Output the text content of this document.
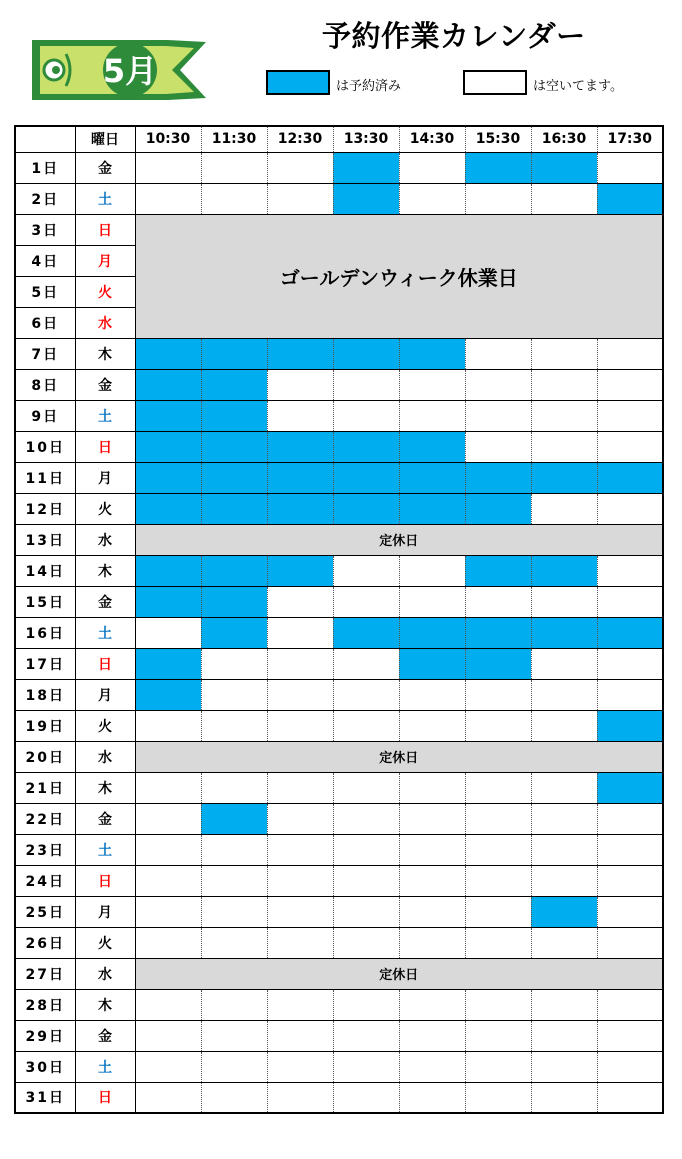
5月
予約作業カレンダー
は予約済み	は空いてます。
	曜日	10:30	11:30	12:30	13:30	14:30	15:30	16:30	17:30
1日	金								
2日	土								
3日	日	ゴールデンウィーク休業日							
4日	月								
5日	火								
6日	水								
7日	木								
8日	金								
9日	土								
10日	日								
11日	月								
12日	火								
13日	水	定休日							
14日	木								
15日	金								
16日	土								
17日	日								
18日	月								
19日	火								
20日	水	定休日							
21日	木								
22日	金								
23日	土								
24日	日								
25日	月								
26日	火								
27日	水	定休日							
28日	木								
29日	金								
30日	土								
31日	日								
